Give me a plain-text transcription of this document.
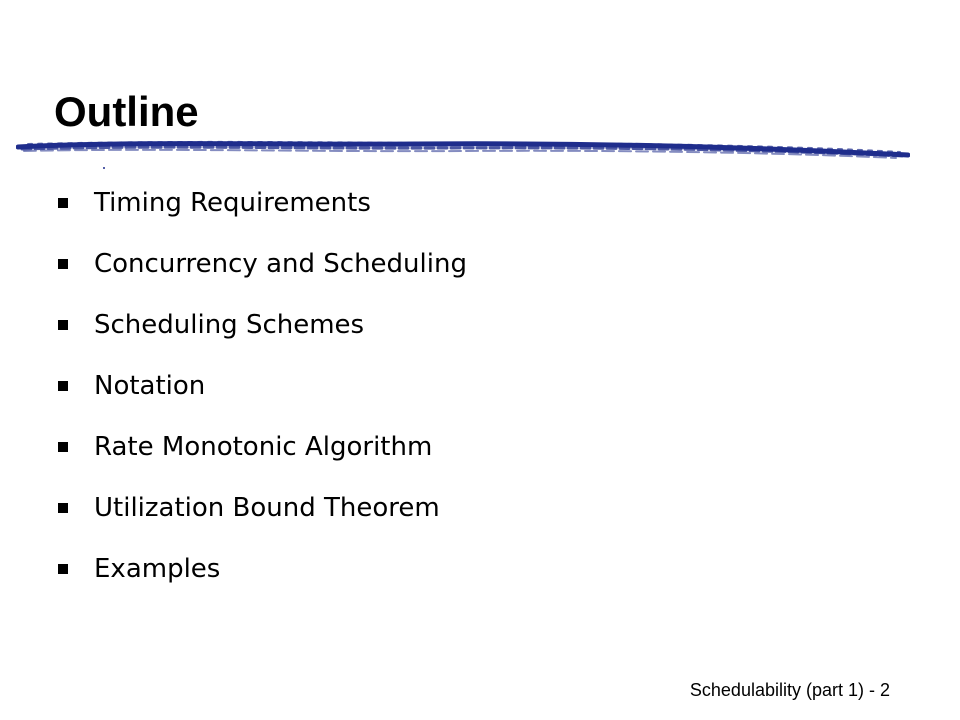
Outline
Timing Requirements
Concurrency and Scheduling
Scheduling Schemes
Notation
Rate Monotonic Algorithm
Utilization Bound Theorem
Examples
Schedulability (part 1) - 2
